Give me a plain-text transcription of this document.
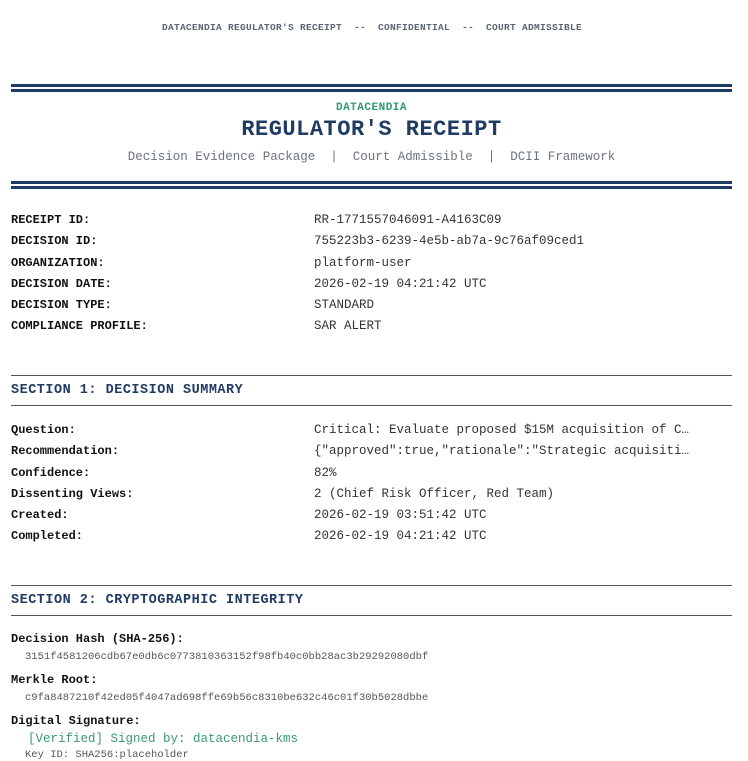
DATACENDIA REGULATOR'S RECEIPT  --  CONFIDENTIAL  --  COURT ADMISSIBLE
DATACENDIA
REGULATOR'S RECEIPT
Decision Evidence Package  |  Court Admissible  |  DCII Framework
RECEIPT ID:	RR-1771557046091-A4163C09
DECISION ID:	755223b3-6239-4e5b-ab7a-9c76af09ced1
ORGANIZATION:	platform-user
DECISION DATE:	2026-02-19 04:21:42 UTC
DECISION TYPE:	STANDARD
COMPLIANCE PROFILE:	SAR ALERT
SECTION 1: DECISION SUMMARY
Question:	Critical: Evaluate proposed $15M acquisition of C…
Recommendation:	{"approved":true,"rationale":"Strategic acquisiti…
Confidence:	82%
Dissenting Views:	2 (Chief Risk Officer, Red Team)
Created:	2026-02-19 03:51:42 UTC
Completed:	2026-02-19 04:21:42 UTC
SECTION 2: CRYPTOGRAPHIC INTEGRITY
Decision Hash (SHA-256):
3151f4581206cdb67e0db6c0773810363152f98fb40c0bb28ac3b29292080dbf
Merkle Root:
c9fa8487210f42ed05f4047ad698ffe69b56c8310be632c46c01f30b5028dbbe
Digital Signature:
[Verified] Signed by: datacendia-kms
Key ID: SHA256:placeholder
